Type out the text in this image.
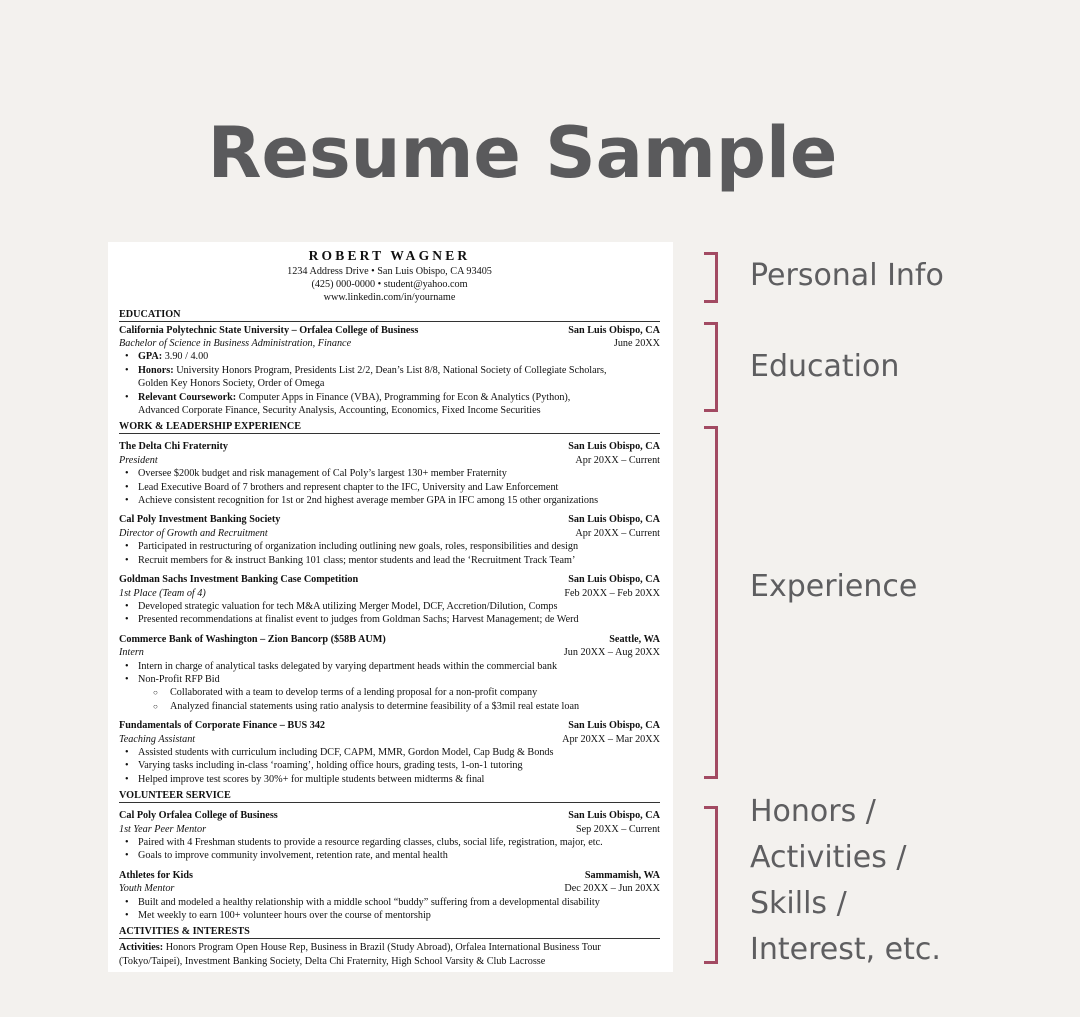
Resume Sample
ROBERT WAGNER
1234 Address Drive • San Luis Obispo, CA 93405
(425) 000-0000 • student@yahoo.com
www.linkedin.com/in/yourname
EDUCATION
California Polytechnic State University – Orfalea College of Business	San Luis Obispo, CA
Bachelor of Science in Business Administration, Finance	June 20XX
• GPA: 3.90 / 4.00
• Honors: University Honors Program, Presidents List 2/2, Dean’s List 8/8, National Society of Collegiate Scholars,
Golden Key Honors Society, Order of Omega
• Relevant Coursework: Computer Apps in Finance (VBA), Programming for Econ & Analytics (Python),
Advanced Corporate Finance, Security Analysis, Accounting, Economics, Fixed Income Securities
WORK & LEADERSHIP EXPERIENCE
The Delta Chi Fraternity	San Luis Obispo, CA
President	Apr 20XX – Current
• Oversee $200k budget and risk management of Cal Poly’s largest 130+ member Fraternity
• Lead Executive Board of 7 brothers and represent chapter to the IFC, University and Law Enforcement
• Achieve consistent recognition for 1st or 2nd highest average member GPA in IFC among 15 other organizations
Cal Poly Investment Banking Society	San Luis Obispo, CA
Director of Growth and Recruitment	Apr 20XX – Current
• Participated in restructuring of organization including outlining new goals, roles, responsibilities and design
• Recruit members for & instruct Banking 101 class; mentor students and lead the ‘Recruitment Track Team’
Goldman Sachs Investment Banking Case Competition	San Luis Obispo, CA
1st Place (Team of 4)	Feb 20XX – Feb 20XX
• Developed strategic valuation for tech M&A utilizing Merger Model, DCF, Accretion/Dilution, Comps
• Presented recommendations at finalist event to judges from Goldman Sachs; Harvest Management; de Werd
Commerce Bank of Washington – Zion Bancorp ($58B AUM)	Seattle, WA
Intern	Jun 20XX – Aug 20XX
• Intern in charge of analytical tasks delegated by varying department heads within the commercial bank
• Non-Profit RFP Bid
○ Collaborated with a team to develop terms of a lending proposal for a non-profit company
○ Analyzed financial statements using ratio analysis to determine feasibility of a $3mil real estate loan
Fundamentals of Corporate Finance – BUS 342	San Luis Obispo, CA
Teaching Assistant	Apr 20XX – Mar 20XX
• Assisted students with curriculum including DCF, CAPM, MMR, Gordon Model, Cap Budg & Bonds
• Varying tasks including in-class ‘roaming’, holding office hours, grading tests, 1-on-1 tutoring
• Helped improve test scores by 30%+ for multiple students between midterms & final
VOLUNTEER SERVICE
Cal Poly Orfalea College of Business	San Luis Obispo, CA
1st Year Peer Mentor	Sep 20XX – Current
• Paired with 4 Freshman students to provide a resource regarding classes, clubs, social life, registration, major, etc.
• Goals to improve community involvement, retention rate, and mental health
Athletes for Kids	Sammamish, WA
Youth Mentor	Dec 20XX – Jun 20XX
• Built and modeled a healthy relationship with a middle school “buddy” suffering from a developmental disability
• Met weekly to earn 100+ volunteer hours over the course of mentorship
ACTIVITIES & INTERESTS
Activities: Honors Program Open House Rep, Business in Brazil (Study Abroad), Orfalea International Business Tour
(Tokyo/Taipei), Investment Banking Society, Delta Chi Fraternity, High School Varsity & Club Lacrosse
Personal Info
Education
Experience
Honors /
Activities /
Skills /
Interest, etc.
